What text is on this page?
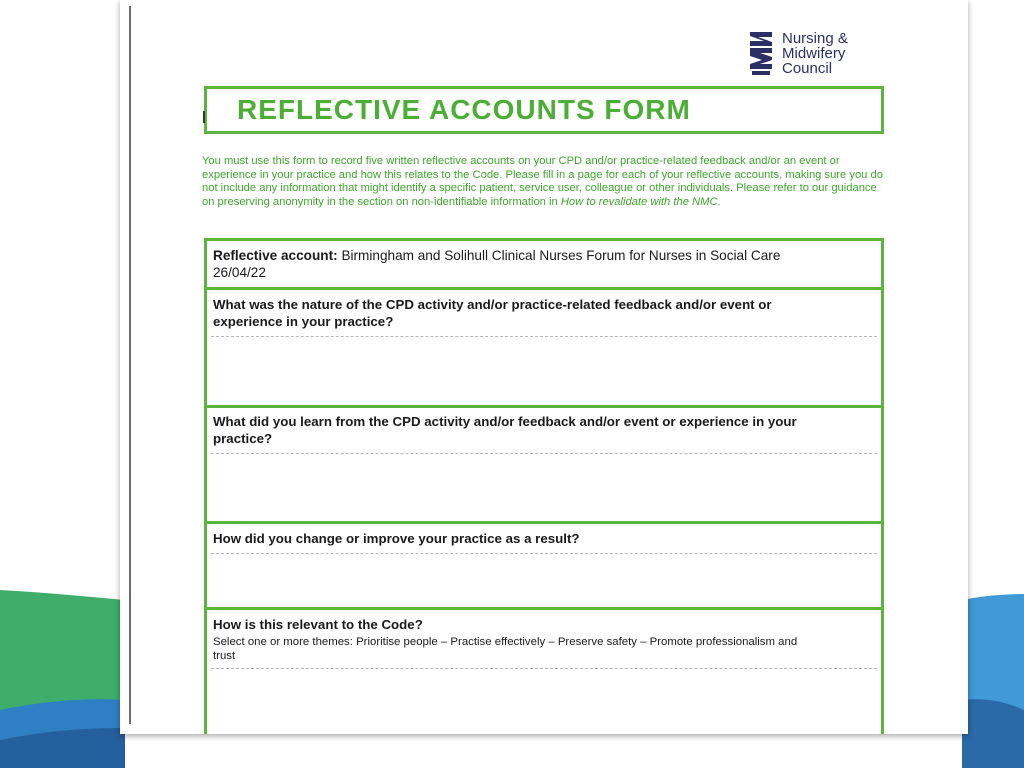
Nursing &
Midwifery
Council
REFLECTIVE ACCOUNTS FORM
You must use this form to record five written reflective accounts on your CPD and/or practice-related feedback and/or an event or experience in your practice and how this relates to the Code. Please fill in a page for each of your reflective accounts, making sure you do not include any information that might identify a specific patient, service user, colleague or other individuals. Please refer to our guidance on preserving anonymity in the section on non-identifiable information in How to revalidate with the NMC.
Reflective account: Birmingham and Solihull Clinical Nurses Forum for Nurses in Social Care 26/04/22
What was the nature of the CPD activity and/or practice-related feedback and/or event or experience in your practice?
What did you learn from the CPD activity and/or feedback and/or event or experience in your practice?
How did you change or improve your practice as a result?
How is this relevant to the Code?
Select one or more themes: Prioritise people – Practise effectively – Preserve safety – Promote professionalism and trust
